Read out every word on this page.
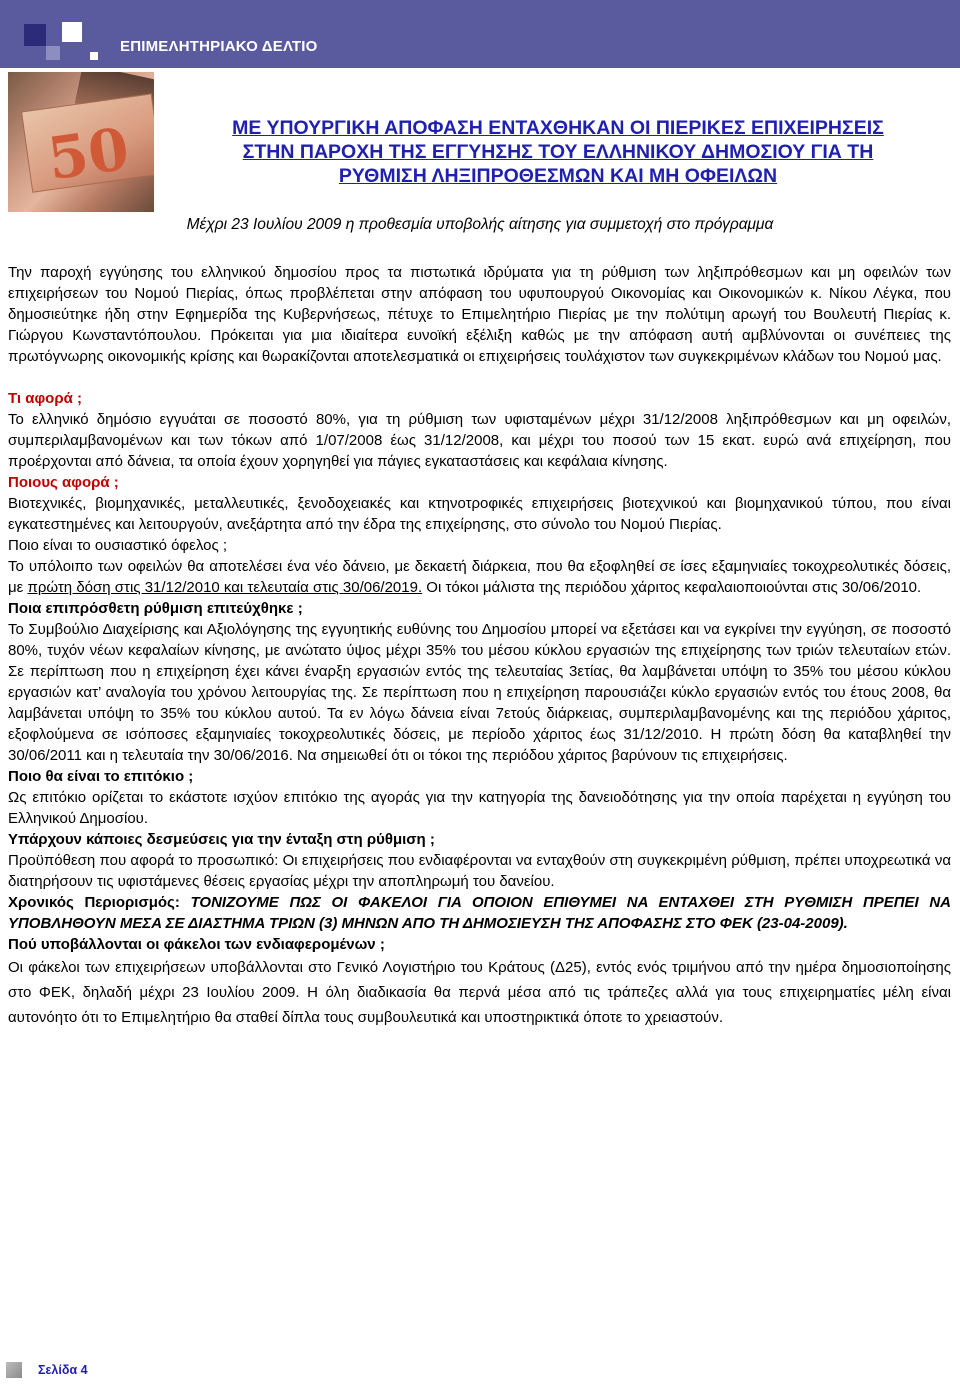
ΕΠΙΜΕΛΗΤΗΡΙΑΚΟ ΔΕΛΤΙΟ
50	ΜΕ ΥΠΟΥΡΓΙΚΗ ΑΠΟΦΑΣΗ ΕΝΤΑΧΘΗΚΑΝ ΟΙ ΠΙΕΡΙΚΕΣ ΕΠΙΧΕΙΡΗΣΕΙΣ
ΣΤΗΝ ΠΑΡΟΧΗ ΤΗΣ ΕΓΓΥΗΣΗΣ ΤΟΥ ΕΛΛΗΝΙΚΟΥ ΔΗΜΟΣΙΟΥ ΓΙΑ ΤΗ
ΡΥΘΜΙΣΗ ΛΗΞΙΠΡΟΘΕΣΜΩΝ ΚΑΙ ΜΗ ΟΦΕΙΛΩΝ
Μέχρι 23 Ιουλίου 2009 η προθεσμία υποβολής αίτησης για συμμετοχή στο πρόγραμμα

Την παροχή εγγύησης του ελληνικού δημοσίου προς τα πιστωτικά ιδρύματα για τη ρύθμιση των ληξιπρόθεσμων και μη οφειλών των επιχειρήσεων του Νομού Πιερίας, όπως προβλέπεται στην απόφαση του υφυπουργού Οικονομίας και Οικονομικών κ. Νίκου Λέγκα, που δημοσιεύτηκε ήδη στην Εφημερίδα της Κυβερνήσεως, πέτυχε το Επιμελητήριο Πιερίας με την πολύτιμη αρωγή του Βουλευτή Πιερίας κ. Γιώργου Κωνσταντόπουλου. Πρόκειται για μια ιδιαίτερα ευνοϊκή εξέλιξη καθώς με την απόφαση αυτή αμβλύνονται οι συνέπειες της πρωτόγνωρης οικονομικής κρίσης και θωρακίζονται αποτελεσματικά οι επιχειρήσεις τουλάχιστον των συγκεκριμένων κλάδων του Νομού μας.

Τι αφορά ;

Το ελληνικό δημόσιο εγγυάται σε ποσοστό 80%, για τη ρύθμιση των υφισταμένων μέχρι 31/12/2008 ληξιπρόθεσμων και μη οφειλών, συμπεριλαμβανομένων και των τόκων από 1/07/2008 έως 31/12/2008, και μέχρι του ποσού των 15 εκατ. ευρώ ανά επιχείρηση, που προέρχονται από δάνεια, τα οποία έχουν χορηγηθεί για πάγιες εγκαταστάσεις και κεφάλαια κίνησης.

Ποιους αφορά ;

Βιοτεχνικές, βιομηχανικές, μεταλλευτικές, ξενοδοχειακές και κτηνοτροφικές επιχειρήσεις βιοτεχνικού και βιομηχανικού τύπου, που είναι εγκατεστημένες και λειτουργούν, ανεξάρτητα από την έδρα της επιχείρησης, στο σύνολο του Νομού Πιερίας.

Ποιο είναι το ουσιαστικό όφελος ;

Το υπόλοιπο των οφειλών θα αποτελέσει ένα νέο δάνειο, με δεκαετή διάρκεια, που θα εξοφληθεί σε ίσες εξαμηνιαίες τοκοχρεολυτικές δόσεις, με πρώτη δόση στις 31/12/2010 και τελευταία στις 30/06/2019. Οι τόκοι μάλιστα της περιόδου χάριτος κεφαλαιοποιούνται στις 30/06/2010.

Ποια επιπρόσθετη ρύθμιση επιτεύχθηκε ;

Το Συμβούλιο Διαχείρισης και Αξιολόγησης της εγγυητικής ευθύνης του Δημοσίου μπορεί να εξετάσει και να εγκρίνει την εγγύηση, σε ποσοστό 80%, τυχόν νέων κεφαλαίων κίνησης, με ανώτατο ύψος μέχρι 35% του μέσου κύκλου εργασιών της επιχείρησης των τριών τελευταίων ετών. Σε περίπτωση που η επιχείρηση έχει κάνει έναρξη εργασιών εντός της τελευταίας 3ετίας, θα λαμβάνεται υπόψη το 35% του μέσου κύκλου εργασιών κατ’ αναλογία του χρόνου λειτουργίας της. Σε περίπτωση που η επιχείρηση παρουσιάζει κύκλο εργασιών εντός του έτους 2008, θα λαμβάνεται υπόψη το 35% του κύκλου αυτού. Τα εν λόγω δάνεια είναι 7ετούς διάρκειας, συμπεριλαμβανομένης και της περιόδου χάριτος, εξοφλούμενα σε ισόποσες εξαμηνιαίες τοκοχρεολυτικές δόσεις, με περίοδο χάριτος έως 31/12/2010. Η πρώτη δόση θα καταβληθεί την 30/06/2011 και η τελευταία την 30/06/2016. Να σημειωθεί ότι οι τόκοι της περιόδου χάριτος βαρύνουν τις επιχειρήσεις.

Ποιο θα είναι το επιτόκιο ;

Ως επιτόκιο ορίζεται το εκάστοτε ισχύον επιτόκιο της αγοράς για την κατηγορία της δανειοδότησης για την οποία παρέχεται η εγγύηση του Ελληνικού Δημοσίου.

Υπάρχουν κάποιες δεσμεύσεις για την ένταξη στη ρύθμιση ;

Προϋπόθεση που αφορά το προσωπικό: Οι επιχειρήσεις που ενδιαφέρονται να ενταχθούν στη συγκεκριμένη ρύθμιση, πρέπει υποχρεωτικά να διατηρήσουν τις υφιστάμενες θέσεις εργασίας μέχρι την αποπληρωμή του δανείου.

Χρονικός Περιορισμός: ΤΟΝΙΖΟΥΜΕ ΠΩΣ ΟΙ ΦΑΚΕΛΟΙ ΓΙΑ ΟΠΟΙΟΝ ΕΠΙΘΥΜΕΙ ΝΑ ΕΝΤΑΧΘΕΙ ΣΤΗ ΡΥΘΜΙΣΗ ΠΡΕΠΕΙ ΝΑ ΥΠΟΒΛΗΘΟΥΝ ΜΕΣΑ ΣΕ ΔΙΑΣΤΗΜΑ ΤΡΙΩΝ (3) ΜΗΝΩΝ ΑΠΟ ΤΗ ΔΗΜΟΣΙΕΥΣΗ ΤΗΣ ΑΠΟΦΑΣΗΣ ΣΤΟ ΦΕΚ (23-04-2009).

Πού υποβάλλονται οι φάκελοι των ενδιαφερομένων ;

Οι φάκελοι των επιχειρήσεων υποβάλλονται στο Γενικό Λογιστήριο του Κράτους (Δ25), εντός ενός τριμήνου από την ημέρα δημοσιοποίησης στο ΦΕΚ, δηλαδή μέχρι 23 Ιουλίου 2009. Η όλη διαδικασία θα περνά μέσα από τις τράπεζες αλλά για τους επιχειρηματίες μέλη είναι αυτονόητο ότι το Επιμελητήριο θα σταθεί δίπλα τους συμβουλευτικά και υποστηρικτικά όποτε το χρειαστούν.

Σελίδα 4
